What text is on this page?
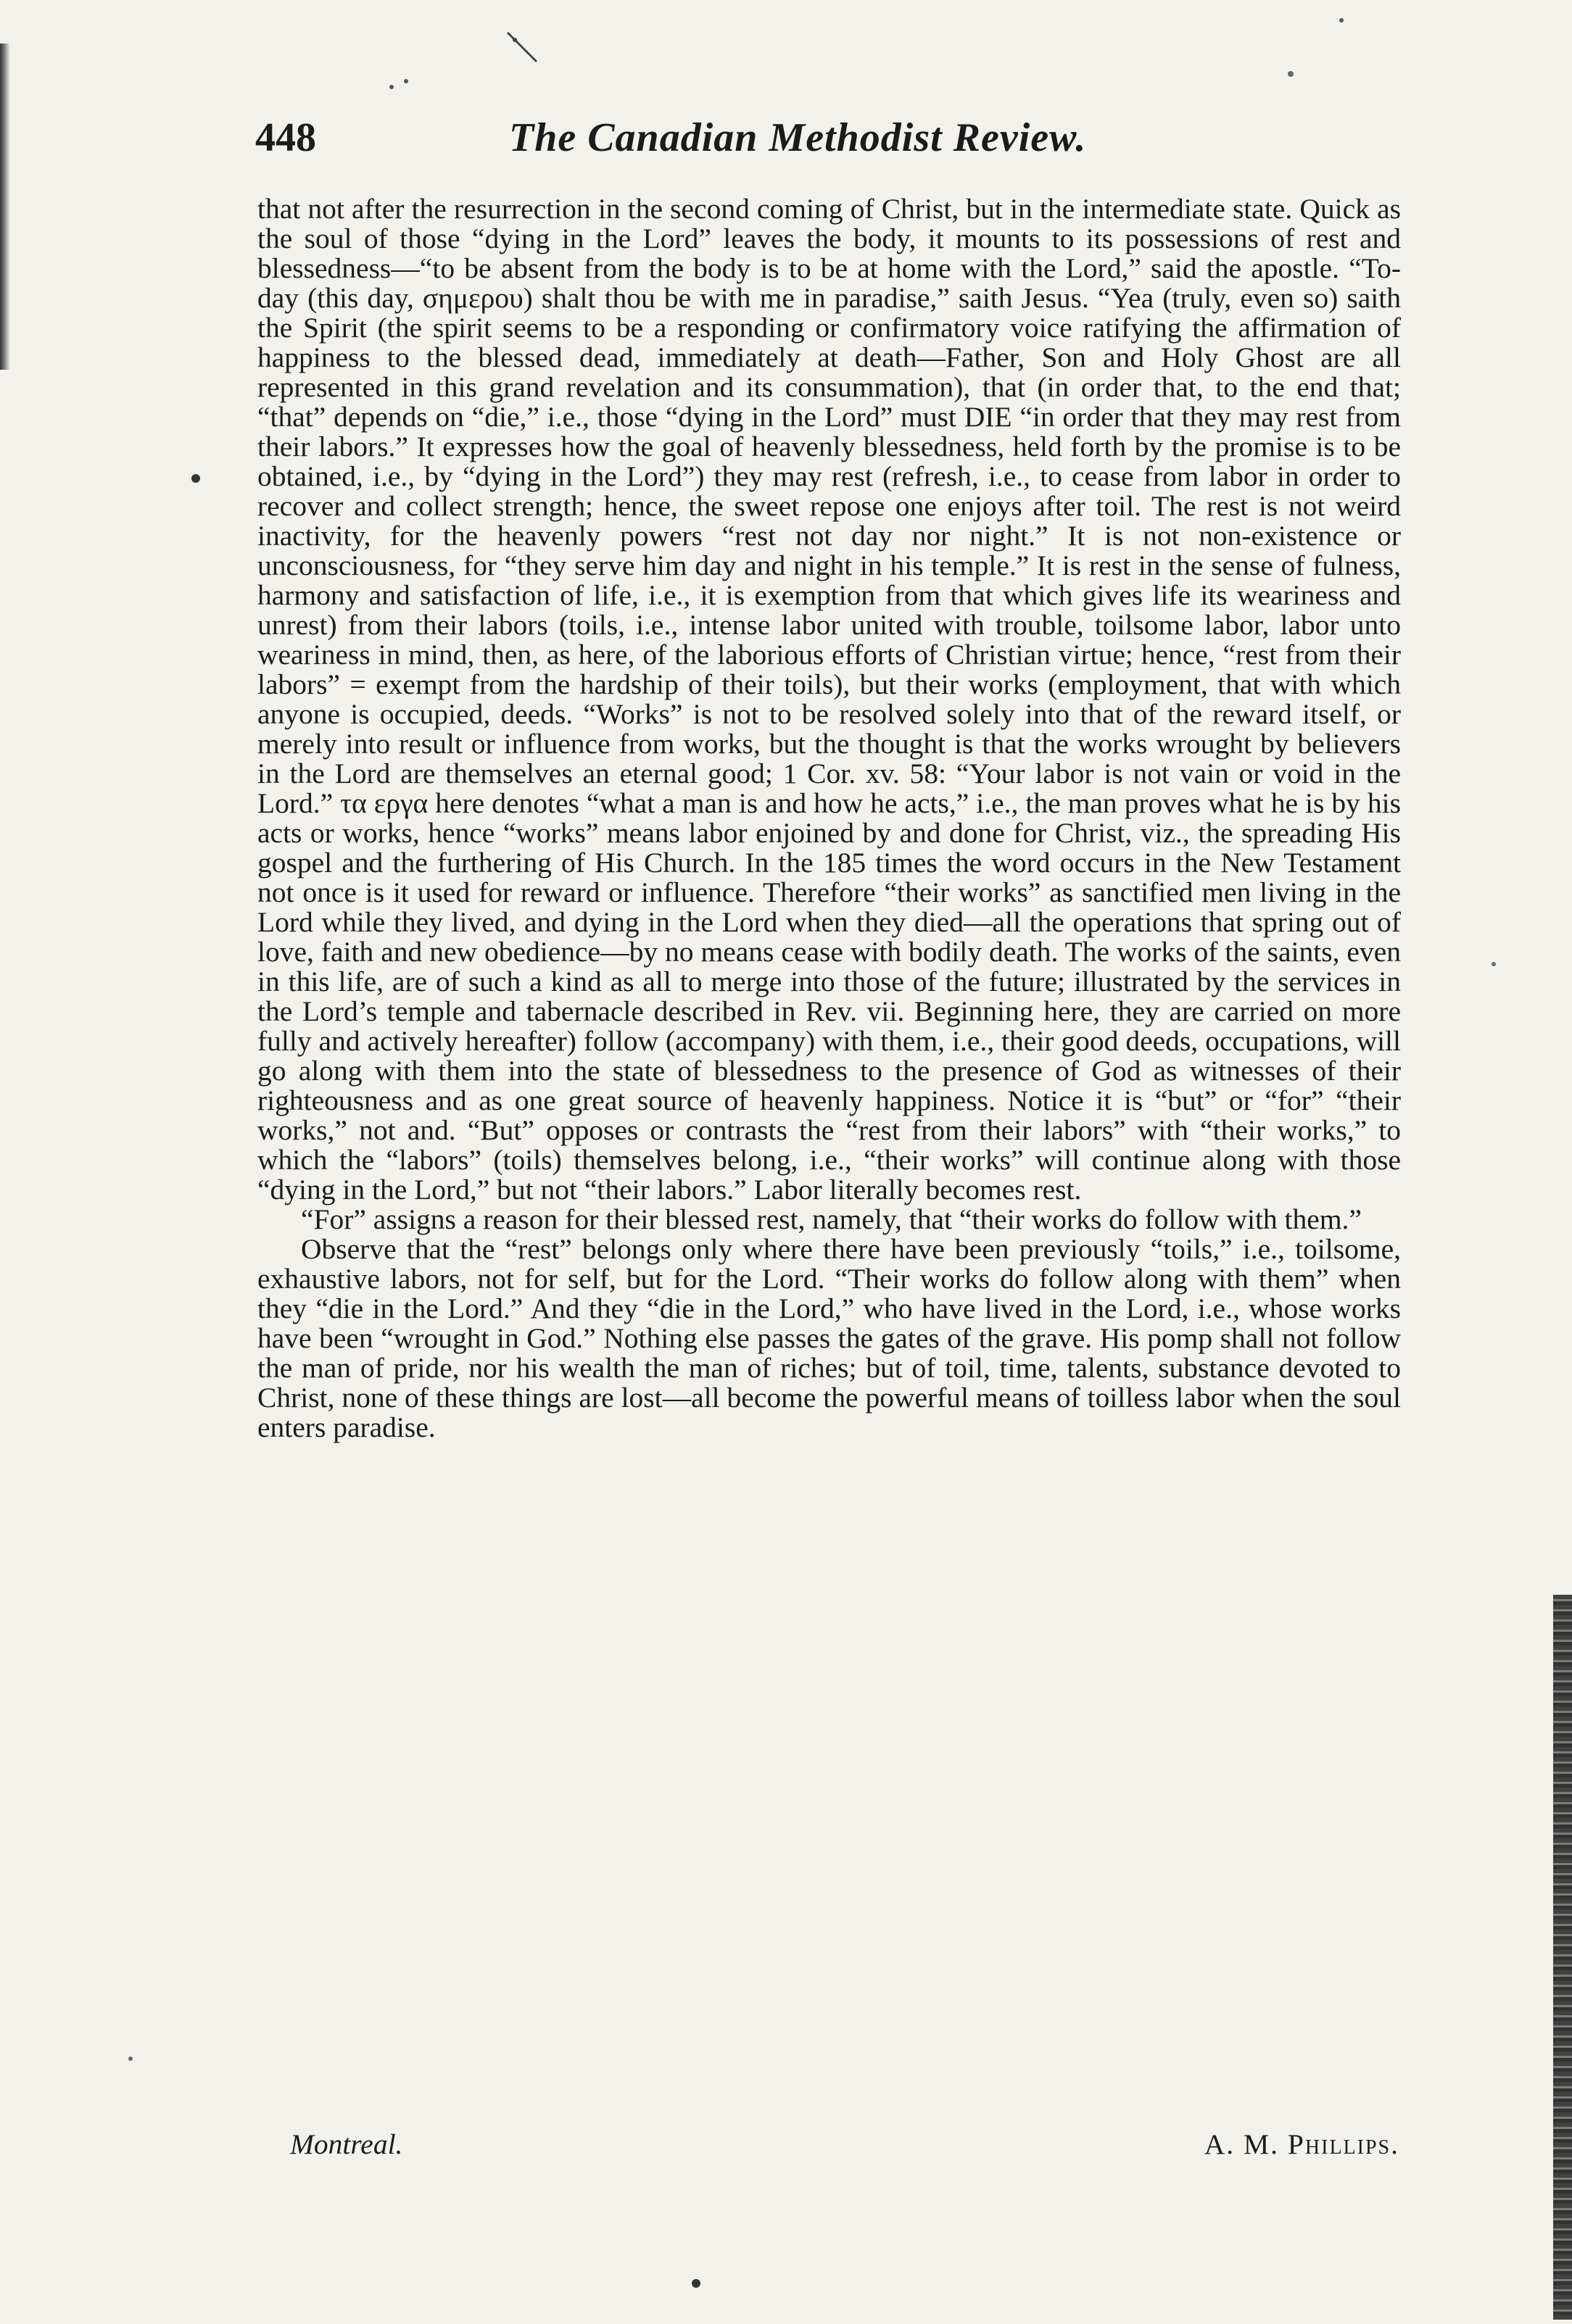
448	The Canadian Methodist Review.

that not after the resurrection in the second coming of Christ, but in the intermediate state. Quick as the soul of those “dying in the Lord” leaves the body, it mounts to its possessions of rest and blessedness—“to be absent from the body is to be at home with the Lord,” said the apostle. “To-day (this day, σημερου) shalt thou be with me in paradise,” saith Jesus. “Yea (truly, even so) saith the Spirit (the spirit seems to be a responding or confirmatory voice ratifying the affirmation of happiness to the blessed dead, immediately at death—Father, Son and Holy Ghost are all represented in this grand revelation and its consummation), that (in order that, to the end that; “that” depends on “die,” i.e., those “dying in the Lord” must DIE “in order that they may rest from their labors.” It expresses how the goal of heavenly blessedness, held forth by the promise is to be obtained, i.e., by “dying in the Lord”) they may rest (refresh, i.e., to cease from labor in order to recover and collect strength; hence, the sweet repose one enjoys after toil. The rest is not weird inactivity, for the heavenly powers “rest not day nor night.” It is not non-existence or unconsciousness, for “they serve him day and night in his temple.” It is rest in the sense of fulness, harmony and satisfaction of life, i.e., it is exemption from that which gives life its weariness and unrest) from their labors (toils, i.e., intense labor united with trouble, toilsome labor, labor unto weariness in mind, then, as here, of the laborious efforts of Christian virtue; hence, “rest from their labors” = exempt from the hardship of their toils), but their works (employment, that with which anyone is occupied, deeds. “Works” is not to be resolved solely into that of the reward itself, or merely into result or influence from works, but the thought is that the works wrought by believers in the Lord are themselves an eternal good; 1 Cor. xv. 58: “Your labor is not vain or void in the Lord.” τα εργα here denotes “what a man is and how he acts,” i.e., the man proves what he is by his acts or works, hence “works” means labor enjoined by and done for Christ, viz., the spreading His gospel and the furthering of His Church. In the 185 times the word occurs in the New Testament not once is it used for reward or influence. Therefore “their works” as sanctified men living in the Lord while they lived, and dying in the Lord when they died—all the operations that spring out of love, faith and new obedience—by no means cease with bodily death. The works of the saints, even in this life, are of such a kind as all to merge into those of the future; illustrated by the services in the Lord’s temple and tabernacle described in Rev. vii. Beginning here, they are carried on more fully and actively hereafter) follow (accompany) with them, i.e., their good deeds, occupations, will go along with them into the state of blessedness to the presence of God as witnesses of their righteousness and as one great source of heavenly happiness. Notice it is “but” or “for” “their works,” not and. “But” opposes or contrasts the “rest from their labors” with “their works,” to which the “labors” (toils) themselves belong, i.e., “their works” will continue along with those “dying in the Lord,” but not “their labors.” Labor literally becomes rest.

“For” assigns a reason for their blessed rest, namely, that “their works do follow with them.”

Observe that the “rest” belongs only where there have been previously “toils,” i.e., toilsome, exhaustive labors, not for self, but for the Lord. “Their works do follow along with them” when they “die in the Lord.” And they “die in the Lord,” who have lived in the Lord, i.e., whose works have been “wrought in God.” Nothing else passes the gates of the grave. His pomp shall not follow the man of pride, nor his wealth the man of riches; but of toil, time, talents, substance devoted to Christ, none of these things are lost—all become the powerful means of toilless labor when the soul enters paradise.

Montreal.	A. M. Phillips.
